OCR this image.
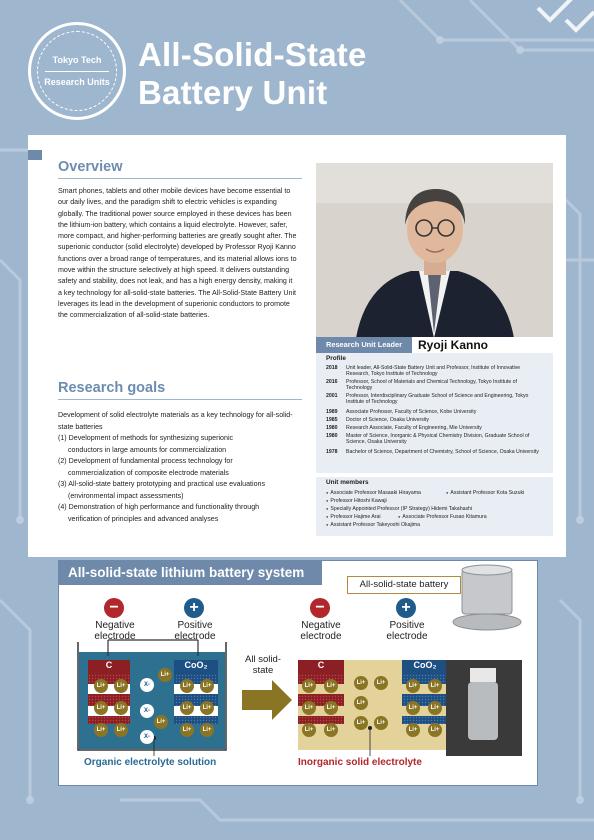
Tokyo Tech
Research Units
All-Solid-State
Battery Unit
Overview
Smart phones, tablets and other mobile devices have become essential to our daily lives, and the paradigm shift to electric vehicles is expanding globally. The traditional power source employed in these devices has been the lithium-ion battery, which contains a liquid electrolyte. However, safer, more compact, and higher-performing batteries are greatly sought after. The superionic conductor (solid electrolyte) developed by Professor Ryoji Kanno functions over a broad range of temperatures, and its material allows ions to move within the structure selectively at high speed. It delivers outstanding safety and stability, does not leak, and has a high energy density, making it a key technology for all-solid-state batteries. The All-Solid-State Battery Unit leverages its lead in the development of superionic conductors to promote the commercialization of all-solid-state batteries.
Research goals
Development of solid electrolyte materials as a key technology for all-solid-state batteries
(1) Development of methods for synthesizing superionic
conductors in large amounts for commercialization
(2) Development of fundamental process technology for
commercialization of composite electrode materials
(3) All-solid-state battery prototyping and practical use evaluations
(environmental impact assessments)
(4) Demonstration of high performance and functionality through
verification of principles and advanced analyses
Research Unit Leader	Ryoji Kanno
Profile
2018 Unit leader, All-Solid-State Battery Unit and Professor, Institute of Innovative Research, Tokyo Institute of Technology
2016 Professor, School of Materials and Chemical Technology, Tokyo Institute of Technology
2001 Professor, Interdisciplinary Graduate School of Science and Engineering, Tokyo Institute of Technology
1989 Associate Professor, Faculty of Science, Kobe University
1985 Doctor of Science, Osaka University
1980 Research Associate, Faculty of Engineering, Mie University
1980 Master of Science, Inorganic & Physical Chemistry Division, Graduate School of Science, Osaka University
1978 Bachelor of Science, Department of Chemistry, School of Science, Osaka University
Unit members
● Associate Professor Masaaki Hirayama	● Assistant Professor Kota Suzuki
● Professor Hitoshi Kawaji
● Specially Appointed Professor (IP Strategy) Hidemi Takahashi
● Professor Hajime Arai	● Associate Professor Fusao Kitamura
● Assistant Professor Takeyoshi Okajima
All-solid-state lithium battery system
All-solid-state battery
−	+
Negative
electrode
Positive
electrode
−	+
Negative
electrode
Positive
electrode
C	CoO₂	C	CoO₂
All solid-
state
Li+	Li+
Li+	Li+
Li+	Li+
Li+	Li+
Li+	Li+
Li+	Li+
X-
Li+
X-
X-
Li+
Li+	Li+
Li+	Li+
Li+	Li+
Li+	Li+
Li+
Li+	Li+
Li+	Li+
Li+	Li+
Li+	Li+
Organic electrolyte solution	Inorganic solid electrolyte
